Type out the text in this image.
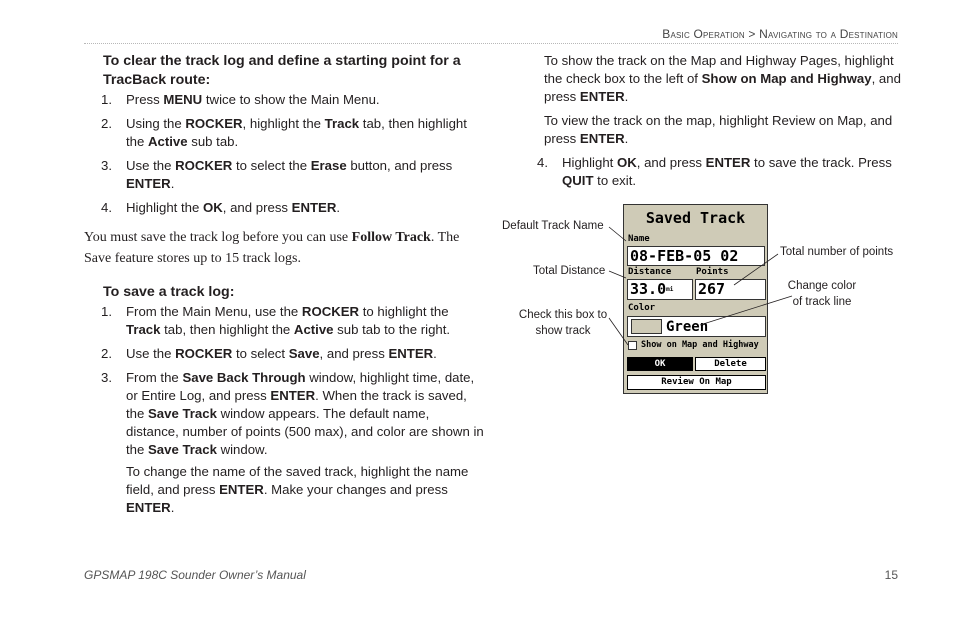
Basic Operation > Navigating to a Destination
To clear the track log and define a starting point for a TracBack route:
1. Press MENU twice to show the Main Menu.
2. Using the ROCKER, highlight the Track tab, then highlight the Active sub tab.
3. Use the ROCKER to select the Erase button, and press ENTER.
4. Highlight the OK, and press ENTER.
You must save the track log before you can use Follow Track. The Save feature stores up to 15 track logs.
To save a track log:
1. From the Main Menu, use the ROCKER to highlight the Track tab, then highlight the Active sub tab to the right.
2. Use the ROCKER to select Save, and press ENTER.
3. From the Save Back Through window, highlight time, date, or Entire Log, and press ENTER. When the track is saved, the Save Track window appears. The default name, distance, number of points (500 max), and color are shown in the Save Track window.

To change the name of the saved track, highlight the name field, and press ENTER. Make your changes and press ENTER.

To show the track on the Map and Highway Pages, highlight the check box to the left of Show on Map and Highway, and press ENTER.

To view the track on the map, highlight Review on Map, and press ENTER.

4. Highlight OK, and press ENTER to save the track. Press QUIT to exit.
Saved Track
Name
08-FEB-05 02
Distance	Points
$33.0^{mi}$	267
Color
Green
Show on Map and Highway
OK	Delete
Review On Map
Default Track Name
Total Distance
Check this box to show track
Total number of points
Change color of track line
GPSMAP 198C Sounder Owner’s Manual	15
